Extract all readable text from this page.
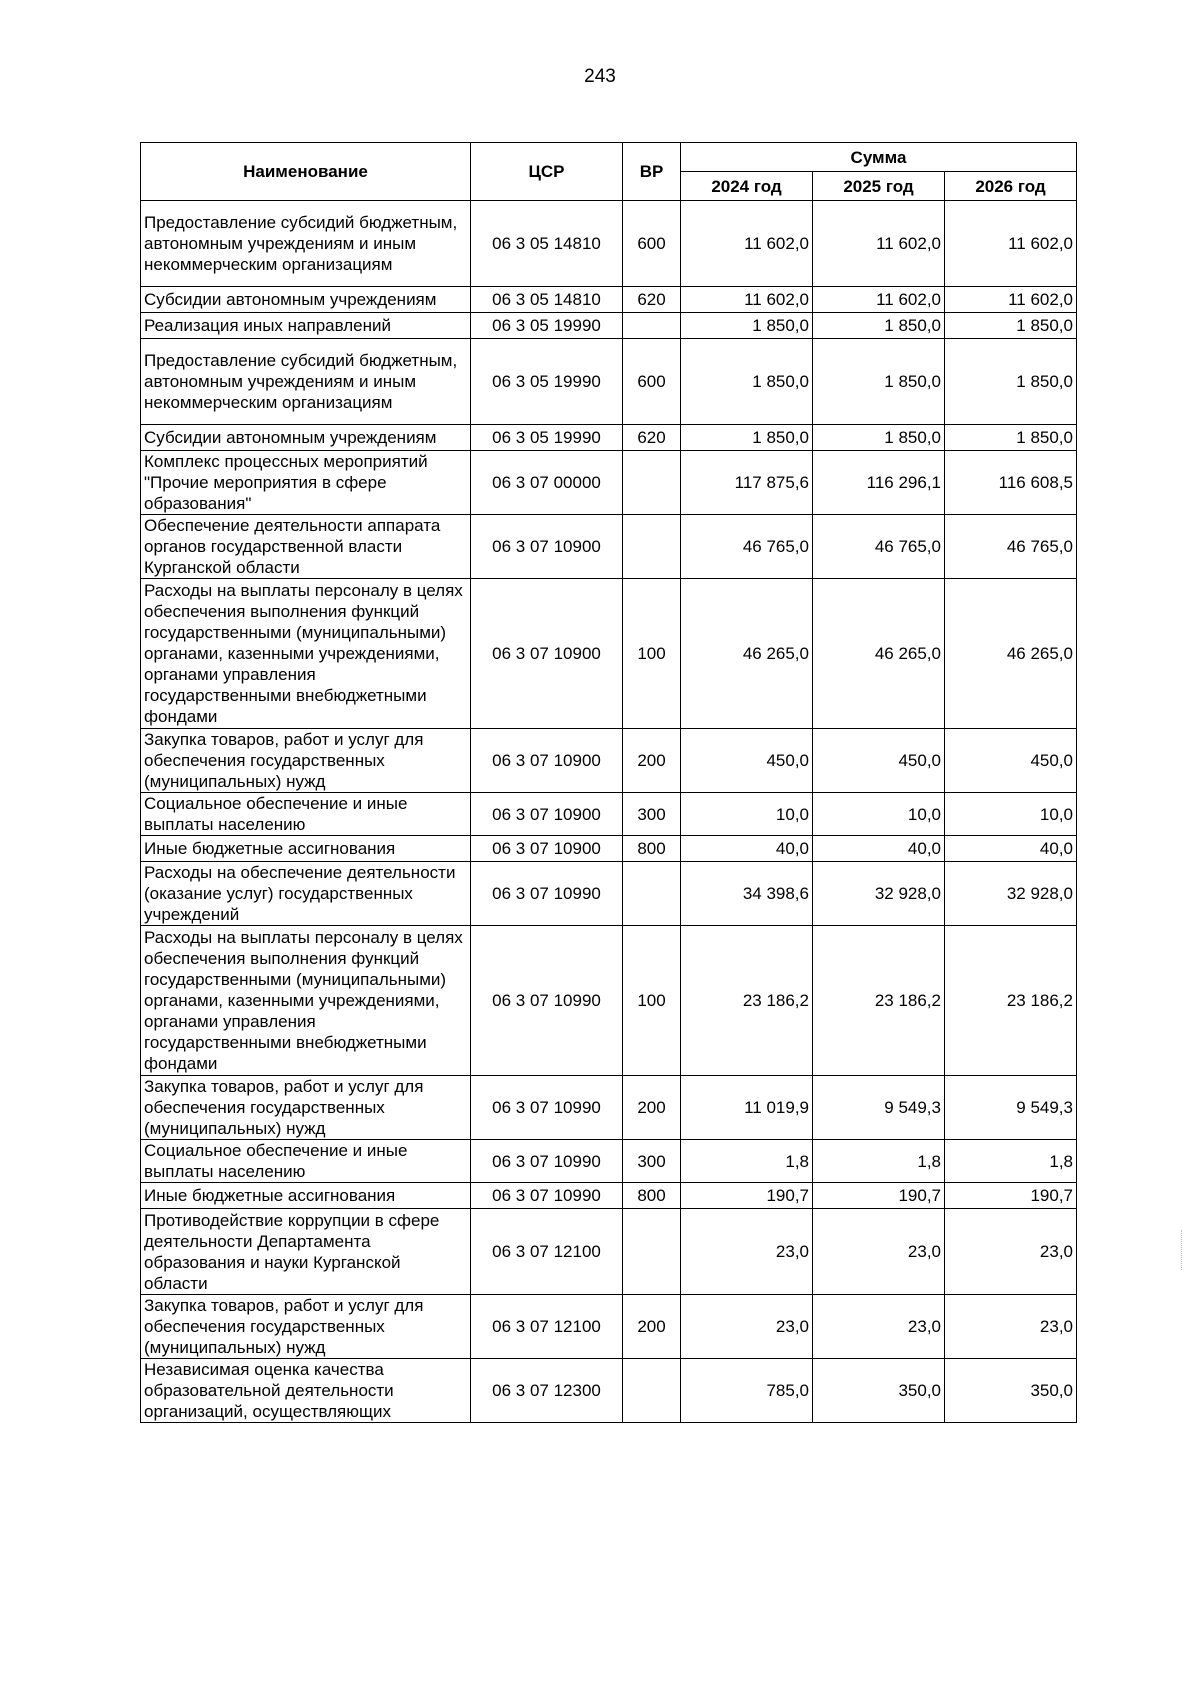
243
Наименование	ЦСР	ВР	Сумма		
			2024 год	2025 год	2026 год
Предоставление субсидий бюджетным, автономным учреждениям и иным некоммерческим организациям	06 3 05 14810	600	11 602,0	11 602,0	11 602,0
Субсидии автономным учреждениям	06 3 05 14810	620	11 602,0	11 602,0	11 602,0
Реализация иных направлений	06 3 05 19990		1 850,0	1 850,0	1 850,0
Предоставление субсидий бюджетным, автономным учреждениям и иным некоммерческим организациям	06 3 05 19990	600	1 850,0	1 850,0	1 850,0
Субсидии автономным учреждениям	06 3 05 19990	620	1 850,0	1 850,0	1 850,0
Комплекс процессных мероприятий "Прочие мероприятия в сфере образования"	06 3 07 00000		117 875,6	116 296,1	116 608,5
Обеспечение деятельности аппарата органов государственной власти Курганской области	06 3 07 10900		46 765,0	46 765,0	46 765,0
Расходы на выплаты персоналу в целях обеспечения выполнения функций государственными (муниципальными) органами, казенными учреждениями, органами управления государственными внебюджетными фондами	06 3 07 10900	100	46 265,0	46 265,0	46 265,0
Закупка товаров, работ и услуг для обеспечения государственных (муниципальных) нужд	06 3 07 10900	200	450,0	450,0	450,0
Социальное обеспечение и иные выплаты населению	06 3 07 10900	300	10,0	10,0	10,0
Иные бюджетные ассигнования	06 3 07 10900	800	40,0	40,0	40,0
Расходы на обеспечение деятельности (оказание услуг) государственных учреждений	06 3 07 10990		34 398,6	32 928,0	32 928,0
Расходы на выплаты персоналу в целях обеспечения выполнения функций государственными (муниципальными) органами, казенными учреждениями, органами управления государственными внебюджетными фондами	06 3 07 10990	100	23 186,2	23 186,2	23 186,2
Закупка товаров, работ и услуг для обеспечения государственных (муниципальных) нужд	06 3 07 10990	200	11 019,9	9 549,3	9 549,3
Социальное обеспечение и иные выплаты населению	06 3 07 10990	300	1,8	1,8	1,8
Иные бюджетные ассигнования	06 3 07 10990	800	190,7	190,7	190,7
Противодействие коррупции в сфере деятельности Департамента образования и науки Курганской области	06 3 07 12100		23,0	23,0	23,0
Закупка товаров, работ и услуг для обеспечения государственных (муниципальных) нужд	06 3 07 12100	200	23,0	23,0	23,0
Независимая оценка качества образовательной деятельности организаций, осуществляющих	06 3 07 12300		785,0	350,0	350,0
